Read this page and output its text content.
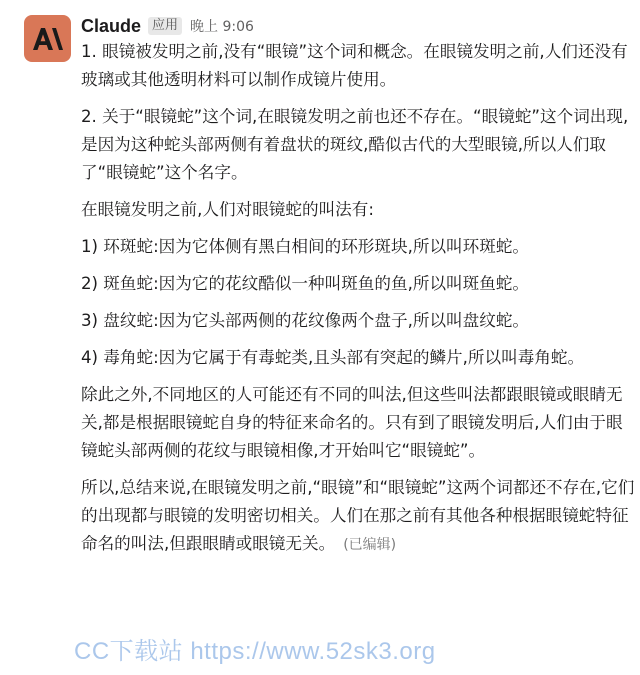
Claude 应用 晚上 9:06

1. 眼镜被发明之前,没有“眼镜”这个词和概念。在眼镜发明之前,人们还没有玻璃或其他透明材料可以制作成镜片使用。

2. 关于“眼镜蛇”这个词,在眼镜发明之前也还不存在。“眼镜蛇”这个词出现,是因为这种蛇头部两侧有着盘状的斑纹,酷似古代的大型眼镜,所以人们取了“眼镜蛇”这个名字。

在眼镜发明之前,人们对眼镜蛇的叫法有:

1) 环斑蛇:因为它体侧有黑白相间的环形斑块,所以叫环斑蛇。

2) 斑鱼蛇:因为它的花纹酷似一种叫斑鱼的鱼,所以叫斑鱼蛇。

3) 盘纹蛇:因为它头部两侧的花纹像两个盘子,所以叫盘纹蛇。

4) 毒角蛇:因为它属于有毒蛇类,且头部有突起的鳞片,所以叫毒角蛇。

除此之外,不同地区的人可能还有不同的叫法,但这些叫法都跟眼镜或眼睛无关,都是根据眼镜蛇自身的特征来命名的。只有到了眼镜发明后,人们由于眼镜蛇头部两侧的花纹与眼镜相像,才开始叫它“眼镜蛇”。

所以,总结来说,在眼镜发明之前,“眼镜”和“眼镜蛇”这两个词都还不存在,它们的出现都与眼镜的发明密切相关。人们在那之前有其他各种根据眼镜蛇特征命名的叫法,但跟眼睛或眼镜无关。 (已编辑)

CC下载站 https://www.52sk3.org
